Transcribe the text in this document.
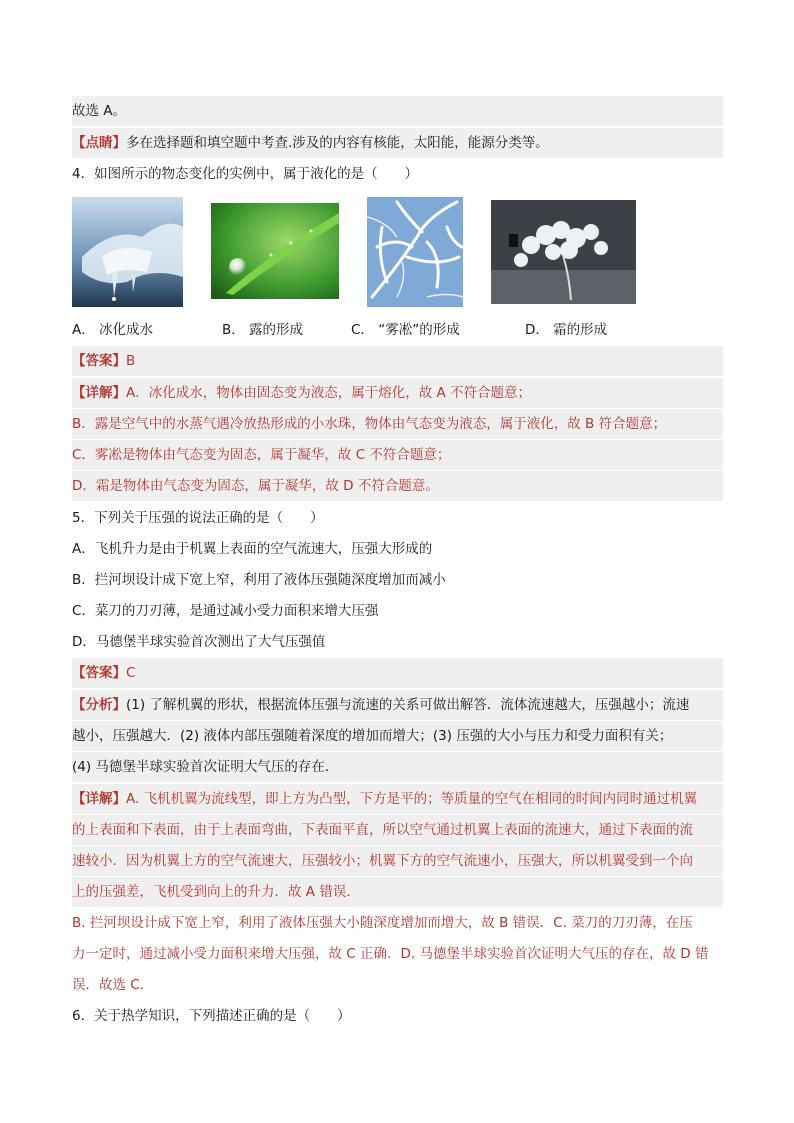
故选 A。
【点睛】多在选择题和填空题中考查.涉及的内容有核能，太阳能，能源分类等。
4．如图所示的物态变化的实例中，属于液化的是（　　）
A． 冰化成水	B． 露的形成	C． “雾凇”的形成	D． 霜的形成
【答案】B
【详解】A．冰化成水，物体由固态变为液态，属于熔化，故 A 不符合题意；
B．露是空气中的水蒸气遇冷放热形成的小水珠，物体由气态变为液态，属于液化，故 B 符合题意；
C．雾凇是物体由气态变为固态，属于凝华，故 C 不符合题意；
D．霜是物体由气态变为固态，属于凝华，故 D 不符合题意。
5．下列关于压强的说法正确的是（　　）
A．飞机升力是由于机翼上表面的空气流速大，压强大形成的
B．拦河坝设计成下宽上窄，利用了液体压强随深度增加而减小
C．菜刀的刀刃薄，是通过减小受力面积来增大压强
D．马德堡半球实验首次测出了大气压强值
【答案】C
【分析】(1) 了解机翼的形状，根据流体压强与流速的关系可做出解答．流体流速越大，压强越小；流速
越小，压强越大．(2) 液体内部压强随着深度的增加而增大；(3) 压强的大小与压力和受力面积有关；
(4) 马德堡半球实验首次证明大气压的存在．
【详解】A. 飞机机翼为流线型，即上方为凸型，下方是平的；等质量的空气在相同的时间内同时通过机翼
的上表面和下表面，由于上表面弯曲，下表面平直，所以空气通过机翼上表面的流速大，通过下表面的流
速较小．因为机翼上方的空气流速大，压强较小；机翼下方的空气流速小，压强大，所以机翼受到一个向
上的压强差，飞机受到向上的升力．故 A 错误．
B. 拦河坝设计成下宽上窄，利用了液体压强大小随深度增加而增大，故 B 错误．C. 菜刀的刀刃薄，在压
力一定时，通过减小受力面积来增大压强，故 C 正确．D. 马德堡半球实验首次证明大气压的存在，故 D 错
误．故选 C．
6．关于热学知识，下列描述正确的是（　　）
